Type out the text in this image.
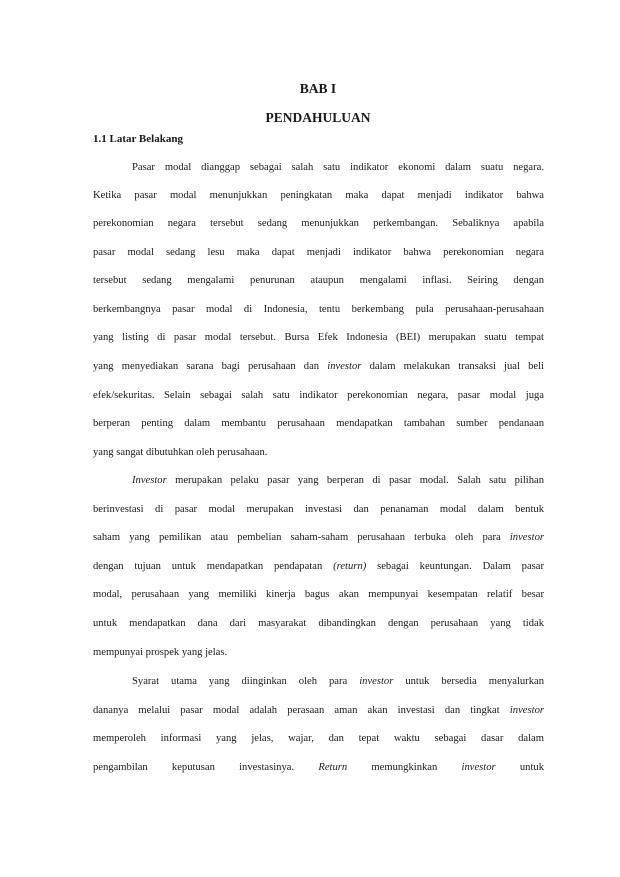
BAB I
PENDAHULUAN
1.1 Latar Belakang
Pasar modal dianggap sebagai salah satu indikator ekonomi dalam suatu negara.
Ketika pasar modal menunjukkan peningkatan maka dapat menjadi indikator bahwa
perekonomian negara tersebut sedang menunjukkan perkembangan. Sebaliknya apabila
pasar modal sedang lesu maka dapat menjadi indikator bahwa perekonomian negara
tersebut sedang mengalami penurunan ataupun mengalami inflasi. Seiring dengan
berkembangnya pasar modal di Indonesia, tentu berkembang pula perusahaan-perusahaan
yang listing di pasar modal tersebut. Bursa Efek Indonesia (BEI) merupakan suatu tempat
yang menyediakan sarana bagi perusahaan dan investor dalam melakukan transaksi jual beli
efek/sekuritas. Selain sebagai salah satu indikator perekonomian negara, pasar modal juga
berperan penting dalam membantu perusahaan mendapatkan tambahan sumber pendanaan
yang sangat dibutuhkan oleh perusahaan.
Investor merupakan pelaku pasar yang berperan di pasar modal. Salah satu pilihan
berinvestasi di pasar modal merupakan investasi dan penanaman modal dalam bentuk
saham yang pemilikan atau pembelian saham-saham perusahaan terbuka oleh para investor
dengan tujuan untuk mendapatkan pendapatan (return) sebagai keuntungan. Dalam pasar
modal, perusahaan yang memiliki kinerja bagus akan mempunyai kesempatan relatif besar
untuk mendapatkan dana dari masyarakat dibandingkan dengan perusahaan yang tidak
mempunyai prospek yang jelas.
Syarat utama yang diinginkan oleh para investor untuk bersedia menyalurkan
dananya melalui pasar modal adalah perasaan aman akan investasi dan tingkat investor
memperoleh informasi yang jelas, wajar, dan tepat waktu sebagai dasar dalam
pengambilan keputusan investasinya. Return memungkinkan investor untuk
